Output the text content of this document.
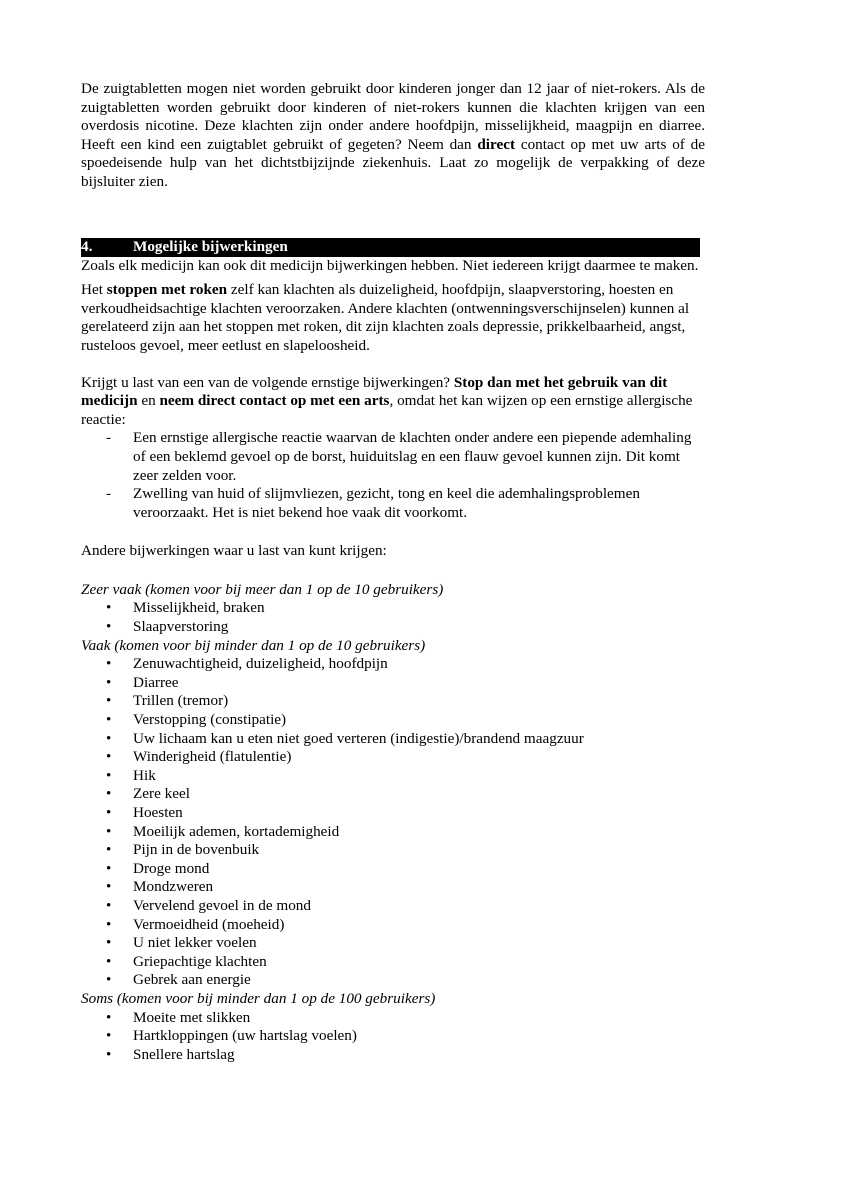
De zuigtabletten mogen niet worden gebruikt door kinderen jonger dan 12 jaar of niet-rokers. Als de zuigtabletten worden gebruikt door kinderen of niet-rokers kunnen die klachten krijgen van een overdosis nicotine. Deze klachten zijn onder andere hoofdpijn, misselijkheid, maagpijn en diarree. Heeft een kind een zuigtablet gebruikt of gegeten? Neem dan direct contact op met uw arts of de spoedeisende hulp van het dichtstbijzijnde ziekenhuis. Laat zo mogelijk de verpakking of deze bijsluiter zien.

4.	Mogelijke bijwerkingen

Zoals elk medicijn kan ook dit medicijn bijwerkingen hebben. Niet iedereen krijgt daarmee te maken.

Het stoppen met roken zelf kan klachten als duizeligheid, hoofdpijn, slaapverstoring, hoesten en verkoudheidsachtige klachten veroorzaken. Andere klachten (ontwenningsverschijnselen) kunnen al gerelateerd zijn aan het stoppen met roken, dit zijn klachten zoals depressie, prikkelbaarheid, angst, rusteloos gevoel, meer eetlust en slapeloosheid.

Krijgt u last van een van de volgende ernstige bijwerkingen? Stop dan met het gebruik van dit medicijn en neem direct contact op met een arts, omdat het kan wijzen op een ernstige allergische reactie:

- Een ernstige allergische reactie waarvan de klachten onder andere een piepende ademhaling of een beklemd gevoel op de borst, huiduitslag en een flauw gevoel kunnen zijn. Dit komt zeer zelden voor.
- Zwelling van huid of slijmvliezen, gezicht, tong en keel die ademhalingsproblemen veroorzaakt. Het is niet bekend hoe vaak dit voorkomt.

Andere bijwerkingen waar u last van kunt krijgen:

Zeer vaak (komen voor bij meer dan 1 op de 10 gebruikers)

• Misselijkheid, braken
• Slaapverstoring

Vaak (komen voor bij minder dan 1 op de 10 gebruikers)

• Zenuwachtigheid, duizeligheid, hoofdpijn
• Diarree
• Trillen (tremor)
• Verstopping (constipatie)
• Uw lichaam kan u eten niet goed verteren (indigestie)/brandend maagzuur
• Winderigheid (flatulentie)
• Hik
• Zere keel
• Hoesten
• Moeilijk ademen, kortademigheid
• Pijn in de bovenbuik
• Droge mond
• Mondzweren
• Vervelend gevoel in de mond
• Vermoeidheid (moeheid)
• U niet lekker voelen
• Griepachtige klachten
• Gebrek aan energie

Soms (komen voor bij minder dan 1 op de 100 gebruikers)

• Moeite met slikken
• Hartkloppingen (uw hartslag voelen)
• Snellere hartslag
